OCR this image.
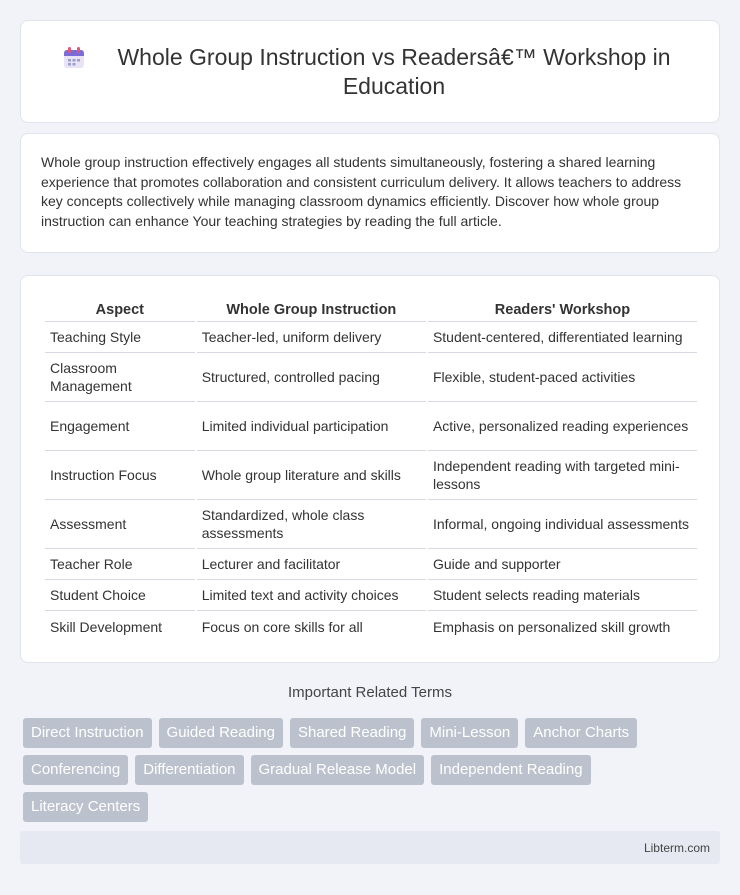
Whole Group Instruction vs Readersâ€™ Workshop in Education

Whole group instruction effectively engages all students simultaneously, fostering a shared learning experience that promotes collaboration and consistent curriculum delivery. It allows teachers to address key concepts collectively while managing classroom dynamics efficiently. Discover how whole group instruction can enhance Your teaching strategies by reading the full article.

Aspect	Whole Group Instruction	Readers' Workshop
Teaching Style	Teacher-led, uniform delivery	Student-centered, differentiated learning
Classroom Management	Structured, controlled pacing	Flexible, student-paced activities
Engagement	Limited individual participation	Active, personalized reading experiences
Instruction Focus	Whole group literature and skills	Independent reading with targeted mini-lessons
Assessment	Standardized, whole class assessments	Informal, ongoing individual assessments
Teacher Role	Lecturer and facilitator	Guide and supporter
Student Choice	Limited text and activity choices	Student selects reading materials
Skill Development	Focus on core skills for all	Emphasis on personalized skill growth
Important Related Terms
Direct Instruction	Guided Reading	Shared Reading	Mini-Lesson	Anchor Charts
Conferencing	Differentiation	Gradual Release Model	Independent Reading
Literacy Centers
Libterm.com
